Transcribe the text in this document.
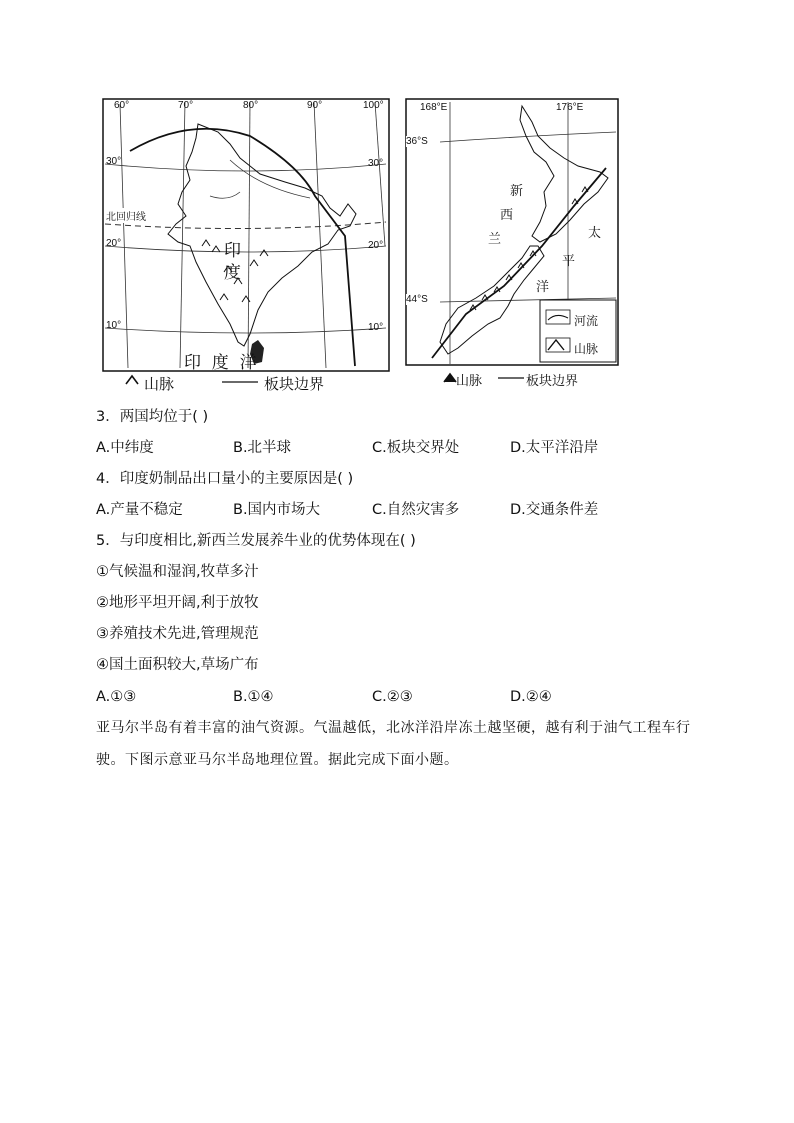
60°	70°	80°	90°	100°
30°
20°
10°
30°
20°
10°
北回归线
印
度
印  度  洋
山脉	板块边界
168°E	176°E
36°S
44°S
新
西
兰	太
平
洋
河流
山脉
山脉	板块边界
3．两国均位于( )
A.中纬度	B.北半球	C.板块交界处	D.太平洋沿岸
4．印度奶制品出口量小的主要原因是( )
A.产量不稳定	B.国内市场大	C.自然灾害多	D.交通条件差
5．与印度相比,新西兰发展养牛业的优势体现在( )
①气候温和湿润,牧草多汁
②地形平坦开阔,利于放牧
③养殖技术先进,管理规范
④国土面积较大,草场广布
A.①③	B.①④	C.②③	D.②④
亚马尔半岛有着丰富的油气资源。气温越低，北冰洋沿岸冻土越坚硬，越有利于油气工程车行驶。下图示意亚马尔半岛地理位置。据此完成下面小题。
